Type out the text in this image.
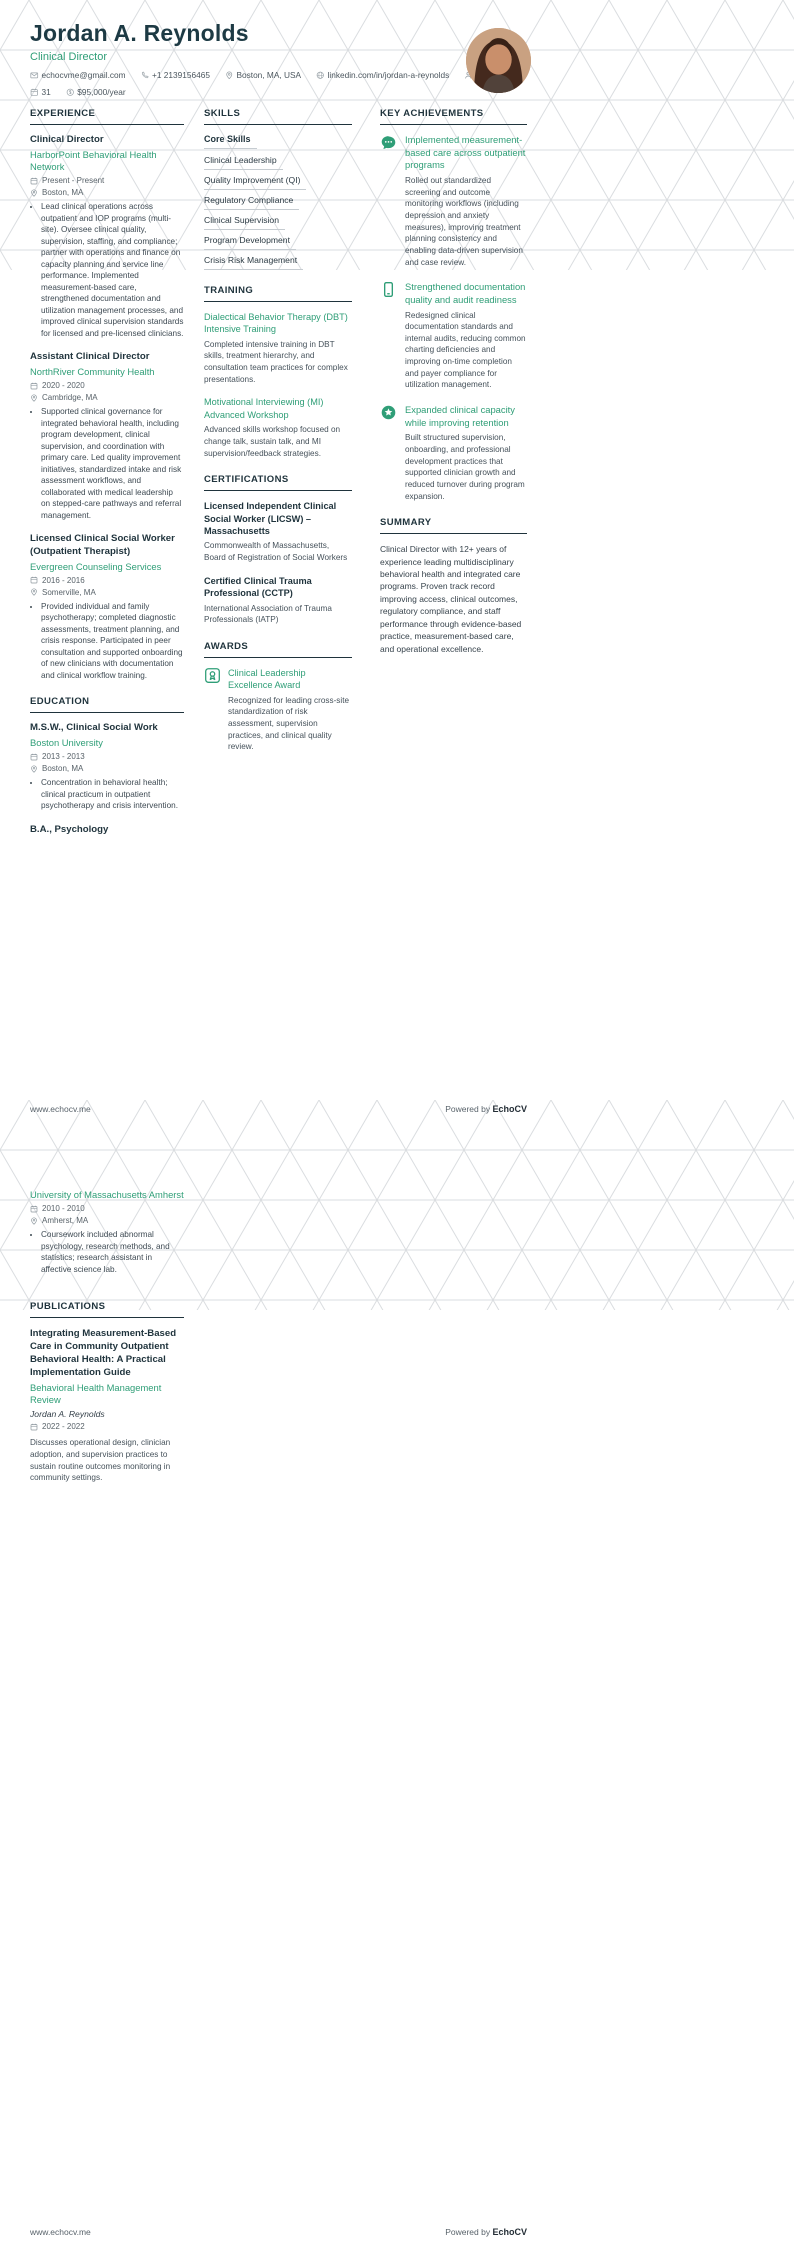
Jordan A. Reynolds
Clinical Director
echocvme@gmail.com	+1 2139156465	Boston, MA, USA	linkedin.com/in/jordan-a-reynolds
31	$95,000/year
EXPERIENCE
Clinical Director
HarborPoint Behavioral Health Network
Present - Present
Boston, MA
• Lead clinical operations across outpatient and IOP programs (multi-site). Oversee clinical quality, supervision, staffing, and compliance; partner with operations and finance on capacity planning and service line performance. Implemented measurement-based care, strengthened documentation and utilization management processes, and improved clinical supervision standards for licensed and pre-licensed clinicians.
Assistant Clinical Director
NorthRiver Community Health
2020 - 2020
Cambridge, MA
• Supported clinical governance for integrated behavioral health, including program development, clinical supervision, and coordination with primary care. Led quality improvement initiatives, standardized intake and risk assessment workflows, and collaborated with medical leadership on stepped-care pathways and referral management.
Licensed Clinical Social Worker (Outpatient Therapist)
Evergreen Counseling Services
2016 - 2016
Somerville, MA
• Provided individual and family psychotherapy; completed diagnostic assessments, treatment planning, and crisis response. Participated in peer consultation and supported onboarding of new clinicians with documentation and clinical workflow training.
EDUCATION
M.S.W., Clinical Social Work
Boston University
2013 - 2013
Boston, MA
• Concentration in behavioral health; clinical practicum in outpatient psychotherapy and crisis intervention.
B.A., Psychology
SKILLS
Core Skills
Clinical Leadership
Quality Improvement (QI)
Regulatory Compliance
Clinical Supervision
Program Development
Crisis Risk Management
TRAINING
Dialectical Behavior Therapy (DBT) Intensive Training

Completed intensive training in DBT skills, treatment hierarchy, and consultation team practices for complex presentations.

Motivational Interviewing (MI) Advanced Workshop

Advanced skills workshop focused on change talk, sustain talk, and MI supervision/feedback strategies.

CERTIFICATIONS
Licensed Independent Clinical Social Worker (LICSW) – Massachusetts

Commonwealth of Massachusetts, Board of Registration of Social Workers

Certified Clinical Trauma Professional (CCTP)

International Association of Trauma Professionals (IATP)

AWARDS
Clinical Leadership Excellence Award

Recognized for leading cross-site standardization of risk assessment, supervision practices, and clinical quality review.

KEY ACHIEVEMENTS
Implemented measurement-based care across outpatient programs

Rolled out standardized screening and outcome monitoring workflows (including depression and anxiety measures), improving treatment planning consistency and enabling data-driven supervision and case review.

Strengthened documentation quality and audit readiness

Redesigned clinical documentation standards and internal audits, reducing common charting deficiencies and improving on-time completion and payer compliance for utilization management.

Expanded clinical capacity while improving retention

Built structured supervision, onboarding, and professional development practices that supported clinician growth and reduced turnover during program expansion.

SUMMARY

Clinical Director with 12+ years of experience leading multidisciplinary behavioral health and integrated care programs. Proven track record improving access, clinical outcomes, regulatory compliance, and staff performance through evidence-based practice, measurement-based care, and operational excellence.

www.echocv.me	Powered by EchoCV
University of Massachusetts Amherst
2010 - 2010
Amherst, MA
• Coursework included abnormal psychology, research methods, and statistics; research assistant in affective science lab.
PUBLICATIONS
Integrating Measurement-Based Care in Community Outpatient Behavioral Health: A Practical Implementation Guide
Behavioral Health Management Review
Jordan A. Reynolds
2022 - 2022

Discusses operational design, clinician adoption, and supervision practices to sustain routine outcomes monitoring in community settings.

www.echocv.me	Powered by EchoCV
